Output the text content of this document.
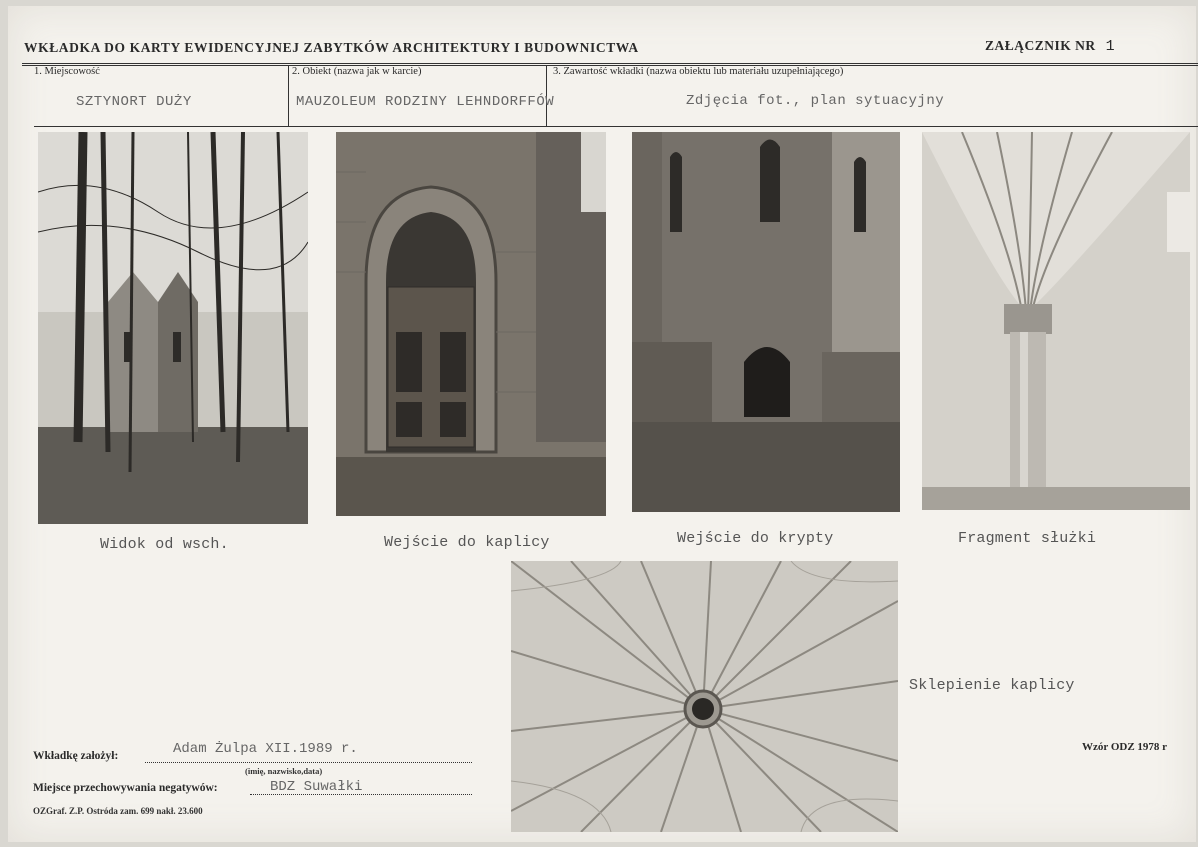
WKŁADKA DO KARTY EWIDENCYJNEJ ZABYTKÓW ARCHITEKTURY I BUDOWNICTWA	ZAŁĄCZNIK NR 1
1. Miejscowość
SZTYNORT DUŻY
2. Obiekt (nazwa jak w karcie)
MAUZOLEUM RODZINY LEHNDORFFÓW
3. Zawartość wkładki (nazwa obiektu lub materiału uzupełniającego)
Zdjęcia fot., plan sytuacyjny
Widok od wsch.	Wejście do kaplicy	Wejście do krypty	Fragment służki
Sklepienie kaplicy
Wkładkę założył:	Adam Żulpa XII.1989 r.
(imię, nazwisko,data)
Miejsce przechowywania negatywów:	BDZ Suwałki
OZGraf. Z.P. Ostróda zam. 699 nakł. 23.600
Wzór ODZ 1978 r
